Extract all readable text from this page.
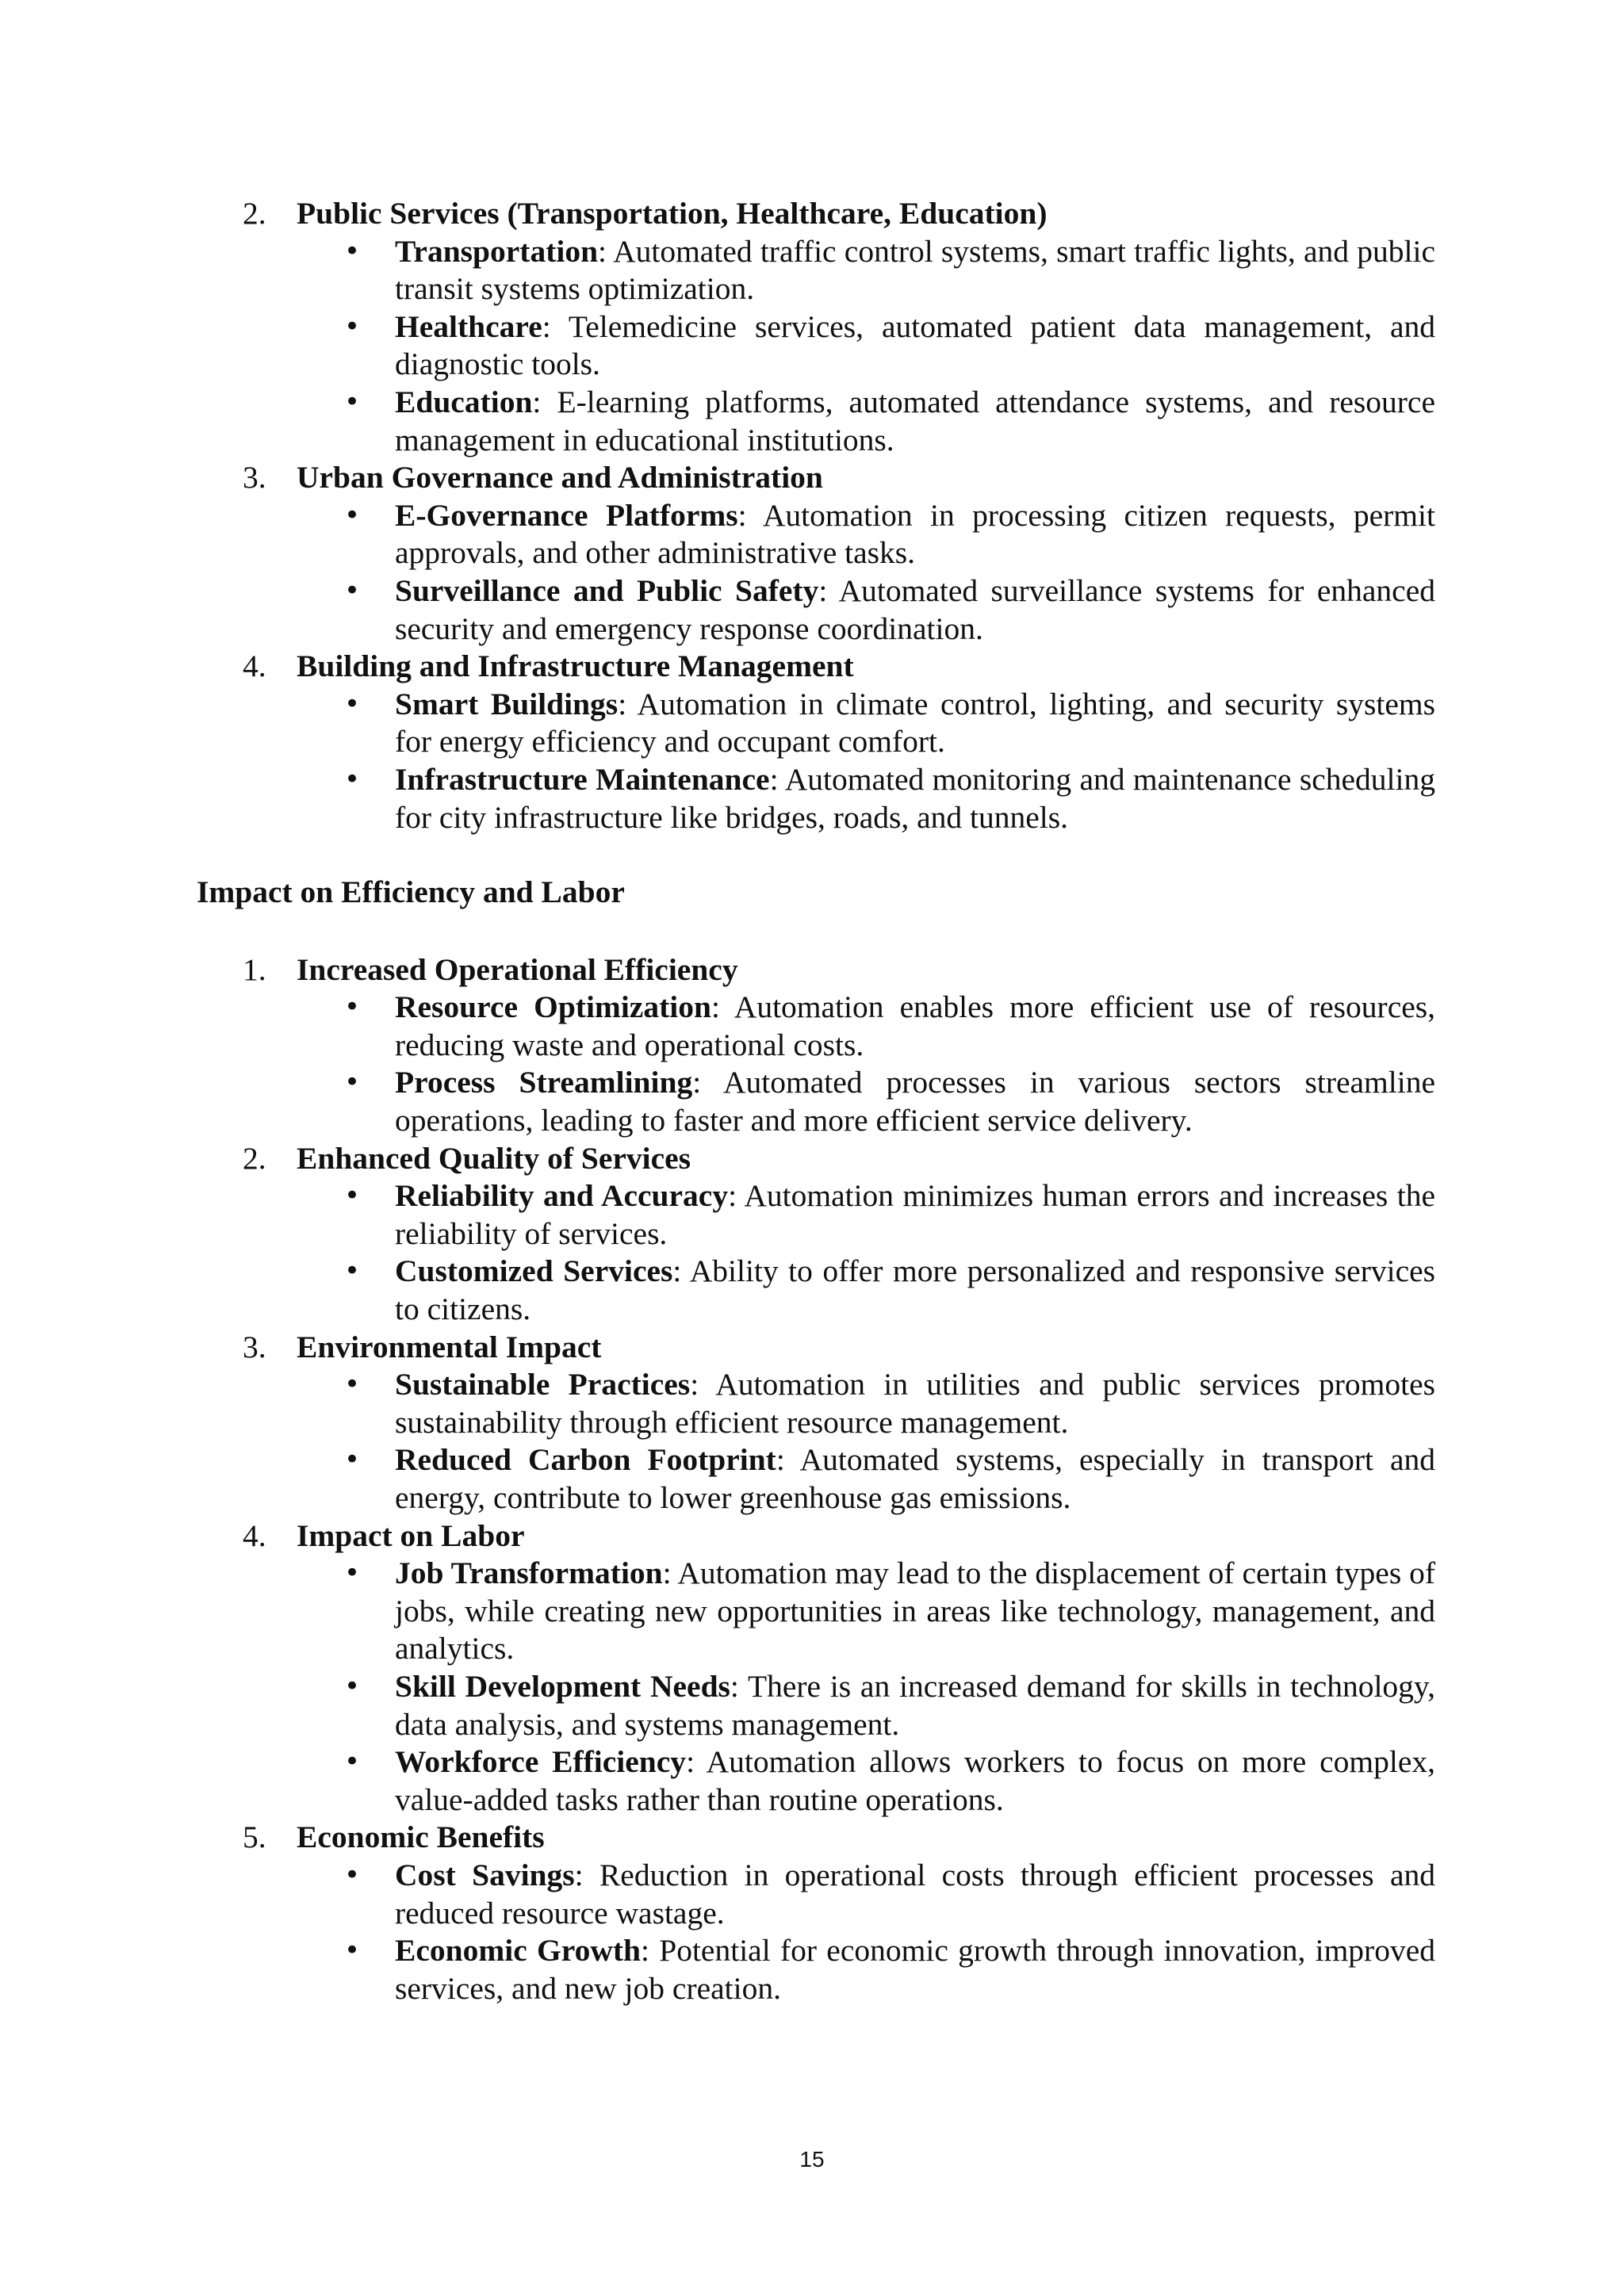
2. Public Services (Transportation, Healthcare, Education)
• Transportation: Automated traffic control systems, smart traffic lights, and public transit systems optimization.
• Healthcare: Telemedicine services, automated patient data management, and diagnostic tools.
• Education: E-learning platforms, automated attendance systems, and resource management in educational institutions.
3. Urban Governance and Administration
• E-Governance Platforms: Automation in processing citizen requests, permit approvals, and other administrative tasks.
• Surveillance and Public Safety: Automated surveillance systems for enhanced security and emergency response coordination.
4. Building and Infrastructure Management
• Smart Buildings: Automation in climate control, lighting, and security systems for energy efficiency and occupant comfort.
• Infrastructure Maintenance: Automated monitoring and maintenance scheduling for city infrastructure like bridges, roads, and tunnels.
Impact on Efficiency and Labor
1. Increased Operational Efficiency
• Resource Optimization: Automation enables more efficient use of resources, reducing waste and operational costs.
• Process Streamlining: Automated processes in various sectors streamline operations, leading to faster and more efficient service delivery.
2. Enhanced Quality of Services
• Reliability and Accuracy: Automation minimizes human errors and increases the reliability of services.
• Customized Services: Ability to offer more personalized and responsive services to citizens.
3. Environmental Impact
• Sustainable Practices: Automation in utilities and public services promotes sustainability through efficient resource management.
• Reduced Carbon Footprint: Automated systems, especially in transport and energy, contribute to lower greenhouse gas emissions.
4. Impact on Labor
• Job Transformation: Automation may lead to the displacement of certain types of jobs, while creating new opportunities in areas like technology, management, and analytics.
• Skill Development Needs: There is an increased demand for skills in technology, data analysis, and systems management.
• Workforce Efficiency: Automation allows workers to focus on more complex, value-added tasks rather than routine operations.
5. Economic Benefits
• Cost Savings: Reduction in operational costs through efficient processes and reduced resource wastage.
• Economic Growth: Potential for economic growth through innovation, improved services, and new job creation.
15
